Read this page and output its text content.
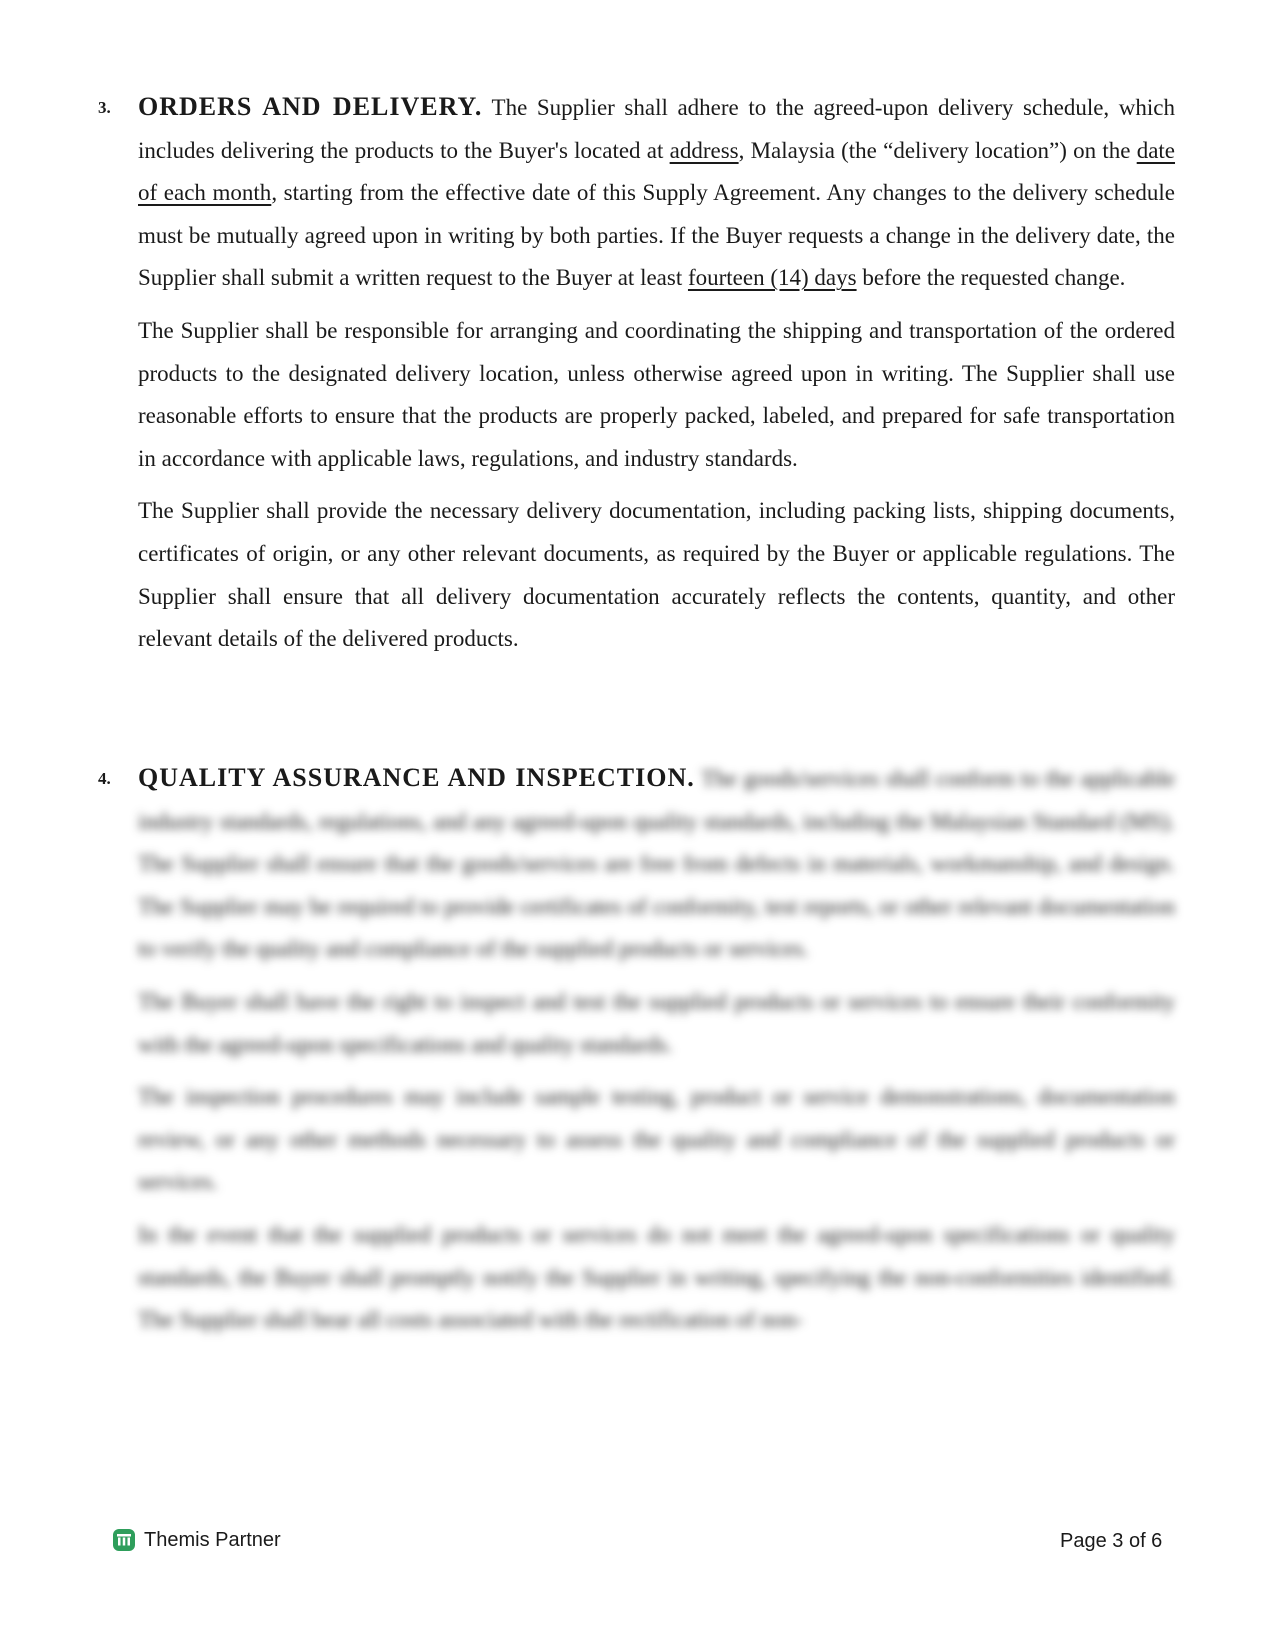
3. ORDERS AND DELIVERY. The Supplier shall adhere to the agreed-upon delivery schedule, which includes delivering the products to the Buyer's located at address, Malaysia (the “delivery location”) on the date of each month, starting from the effective date of this Supply Agreement. Any changes to the delivery schedule must be mutually agreed upon in writing by both parties. If the Buyer requests a change in the delivery date, the Supplier shall submit a written request to the Buyer at least fourteen (14) days before the requested change.

The Supplier shall be responsible for arranging and coordinating the shipping and transportation of the ordered products to the designated delivery location, unless otherwise agreed upon in writing. The Supplier shall use reasonable efforts to ensure that the products are properly packed, labeled, and prepared for safe transportation in accordance with applicable laws, regulations, and industry standards.

The Supplier shall provide the necessary delivery documentation, including packing lists, shipping documents, certificates of origin, or any other relevant documents, as required by the Buyer or applicable regulations. The Supplier shall ensure that all delivery documentation accurately reflects the contents, quantity, and other relevant details of the delivered products.

4. QUALITY ASSURANCE AND INSPECTION. The goods/services shall conform to the applicable industry standards, regulations, and any agreed-upon quality standards, including the Malaysian Standard (MS). The Supplier shall ensure that the goods/services are free from defects in materials, workmanship, and design. The Supplier may be required to provide certificates of conformity, test reports, or other relevant documentation to verify the quality and compliance of the supplied products or services.

The Buyer shall have the right to inspect and test the supplied products or services to ensure their conformity with the agreed-upon specifications and quality standards.

The inspection procedures may include sample testing, product or service demonstrations, documentation review, or any other methods necessary to assess the quality and compliance of the supplied products or services.

In the event that the supplied products or services do not meet the agreed-upon specifications or quality standards, the Buyer shall promptly notify the Supplier in writing, specifying the non-conformities identified. The Supplier shall bear all costs associated with the rectification of non-

Themis Partner	Page 3 of 6
